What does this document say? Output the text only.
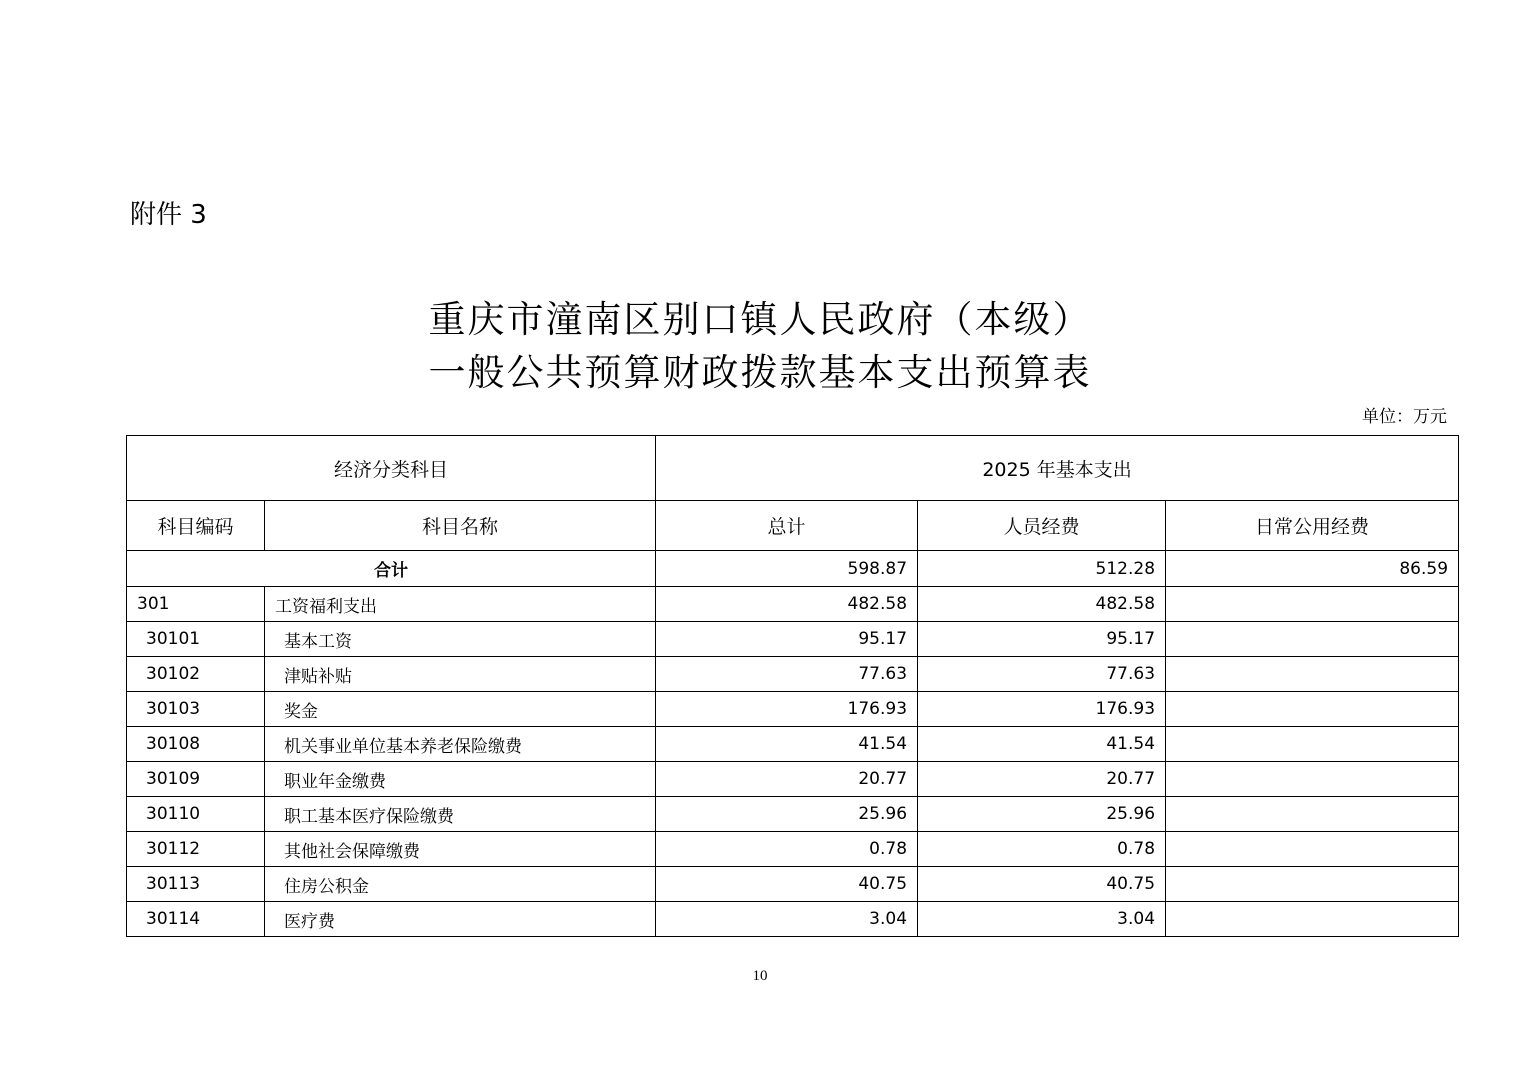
附件 3
重庆市潼南区别口镇人民政府（本级）
一般公共预算财政拨款基本支出预算表
单位：万元
经济分类科目		2025 年基本支出		
科目编码	科目名称	总计	人员经费	日常公用经费
合计		598.87	512.28	86.59
301	工资福利支出	482.58	482.58	
30101	基本工资	95.17	95.17	
30102	津贴补贴	77.63	77.63	
30103	奖金	176.93	176.93	
30108	机关事业单位基本养老保险缴费	41.54	41.54	
30109	职业年金缴费	20.77	20.77	
30110	职工基本医疗保险缴费	25.96	25.96	
30112	其他社会保障缴费	0.78	0.78	
30113	住房公积金	40.75	40.75	
30114	医疗费	3.04	3.04	
10
